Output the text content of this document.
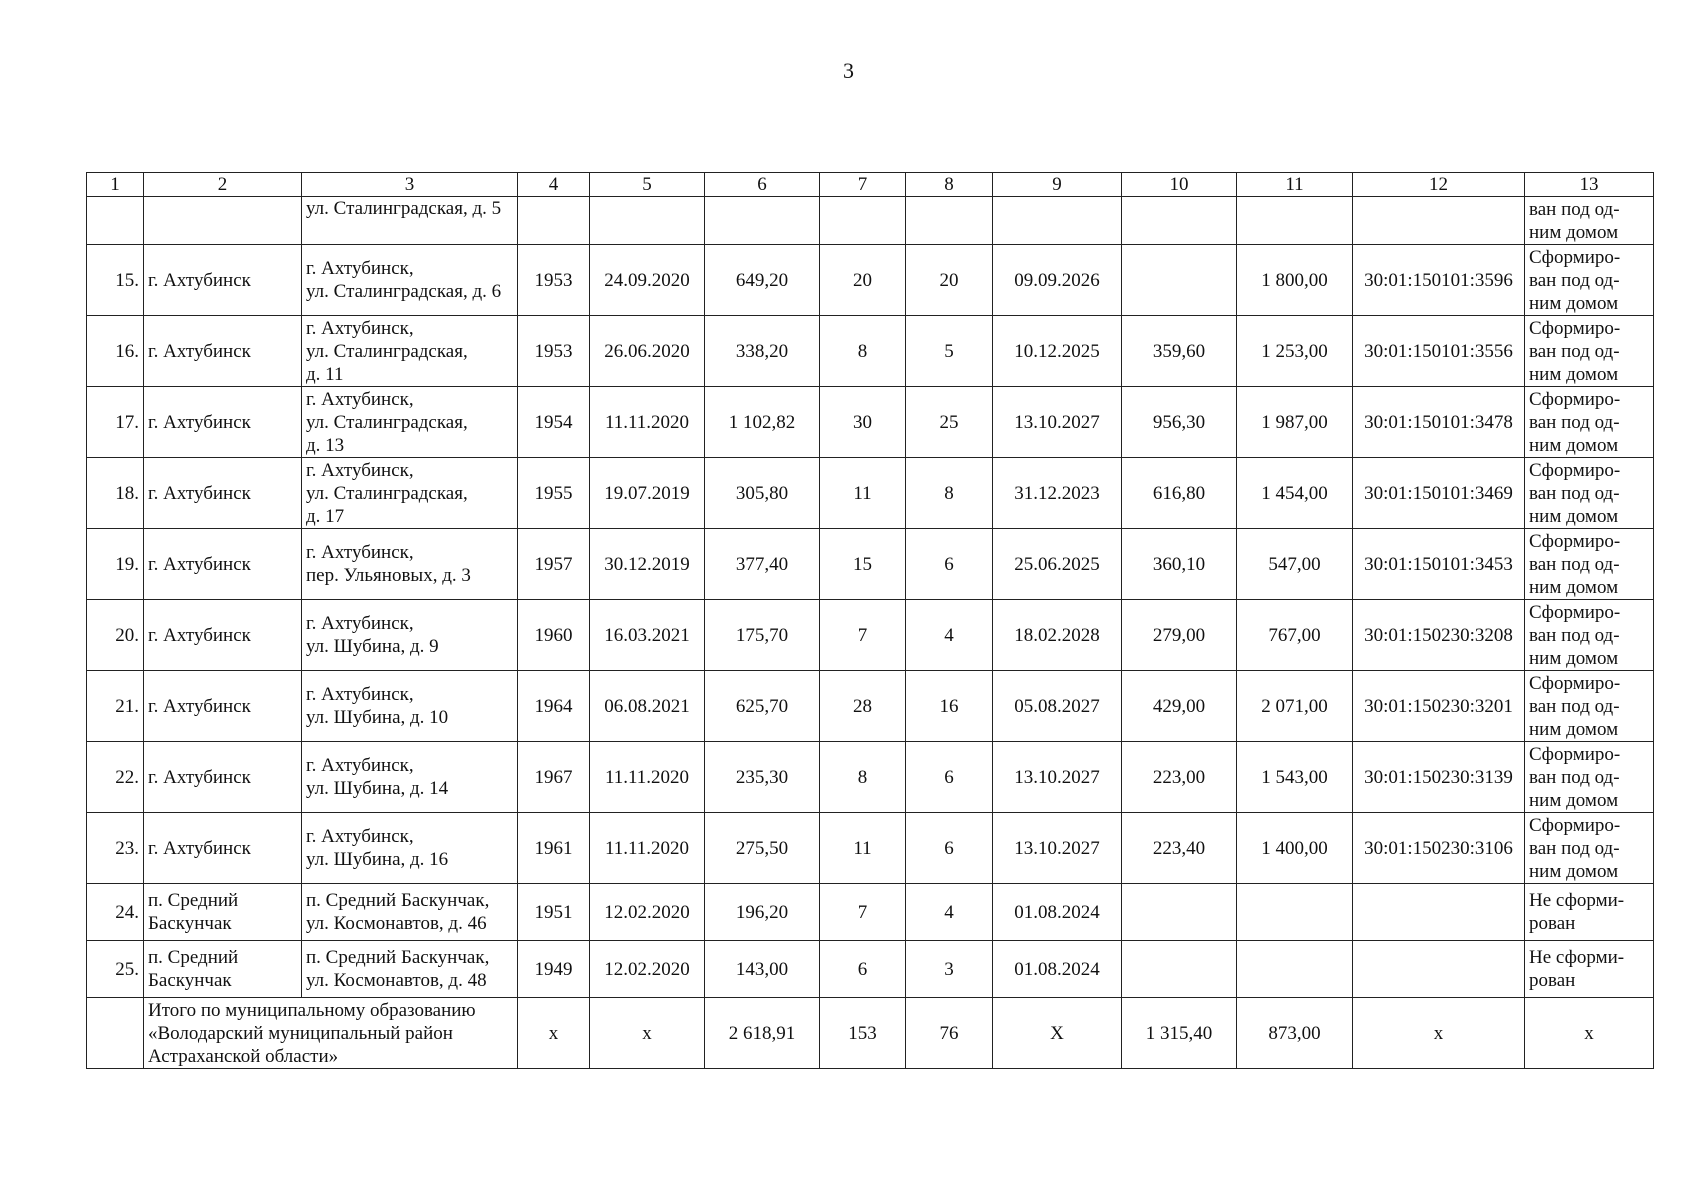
3
1	2	3	4	5	6	7	8	9	10	11	12	13
		ул. Сталинградская, д. 5										ван под од-
ним домом
15.	г. Ахтубинск	г. Ахтубинск,
ул. Сталинградская, д. 6	1953	24.09.2020	649,20	20	20	09.09.2026		1 800,00	30:01:150101:3596	Сформиро-
ван под од-
ним домом
16.	г. Ахтубинск	г. Ахтубинск,
ул. Сталинградская,
д. 11	1953	26.06.2020	338,20	8	5	10.12.2025	359,60	1 253,00	30:01:150101:3556	Сформиро-
ван под од-
ним домом
17.	г. Ахтубинск	г. Ахтубинск,
ул. Сталинградская,
д. 13	1954	11.11.2020	1 102,82	30	25	13.10.2027	956,30	1 987,00	30:01:150101:3478	Сформиро-
ван под од-
ним домом
18.	г. Ахтубинск	г. Ахтубинск,
ул. Сталинградская,
д. 17	1955	19.07.2019	305,80	11	8	31.12.2023	616,80	1 454,00	30:01:150101:3469	Сформиро-
ван под од-
ним домом
19.	г. Ахтубинск	г. Ахтубинск,
пер. Ульяновых, д. 3	1957	30.12.2019	377,40	15	6	25.06.2025	360,10	547,00	30:01:150101:3453	Сформиро-
ван под од-
ним домом
20.	г. Ахтубинск	г. Ахтубинск,
ул. Шубина, д. 9	1960	16.03.2021	175,70	7	4	18.02.2028	279,00	767,00	30:01:150230:3208	Сформиро-
ван под од-
ним домом
21.	г. Ахтубинск	г. Ахтубинск,
ул. Шубина, д. 10	1964	06.08.2021	625,70	28	16	05.08.2027	429,00	2 071,00	30:01:150230:3201	Сформиро-
ван под од-
ним домом
22.	г. Ахтубинск	г. Ахтубинск,
ул. Шубина, д. 14	1967	11.11.2020	235,30	8	6	13.10.2027	223,00	1 543,00	30:01:150230:3139	Сформиро-
ван под од-
ним домом
23.	г. Ахтубинск	г. Ахтубинск,
ул. Шубина, д. 16	1961	11.11.2020	275,50	11	6	13.10.2027	223,40	1 400,00	30:01:150230:3106	Сформиро-
ван под од-
ним домом
24.	п. Средний
Баскунчак	п. Средний Баскунчак,
ул. Космонавтов, д. 46	1951	12.02.2020	196,20	7	4	01.08.2024				Не сформи-
рован
25.	п. Средний
Баскунчак	п. Средний Баскунчак,
ул. Космонавтов, д. 48	1949	12.02.2020	143,00	6	3	01.08.2024				Не сформи-
рован
	Итого по муниципальному образованию «Володарский муниципальный район Астраханской области»		х	х	2 618,91	153	76	Х	1 315,40	873,00	х	х
